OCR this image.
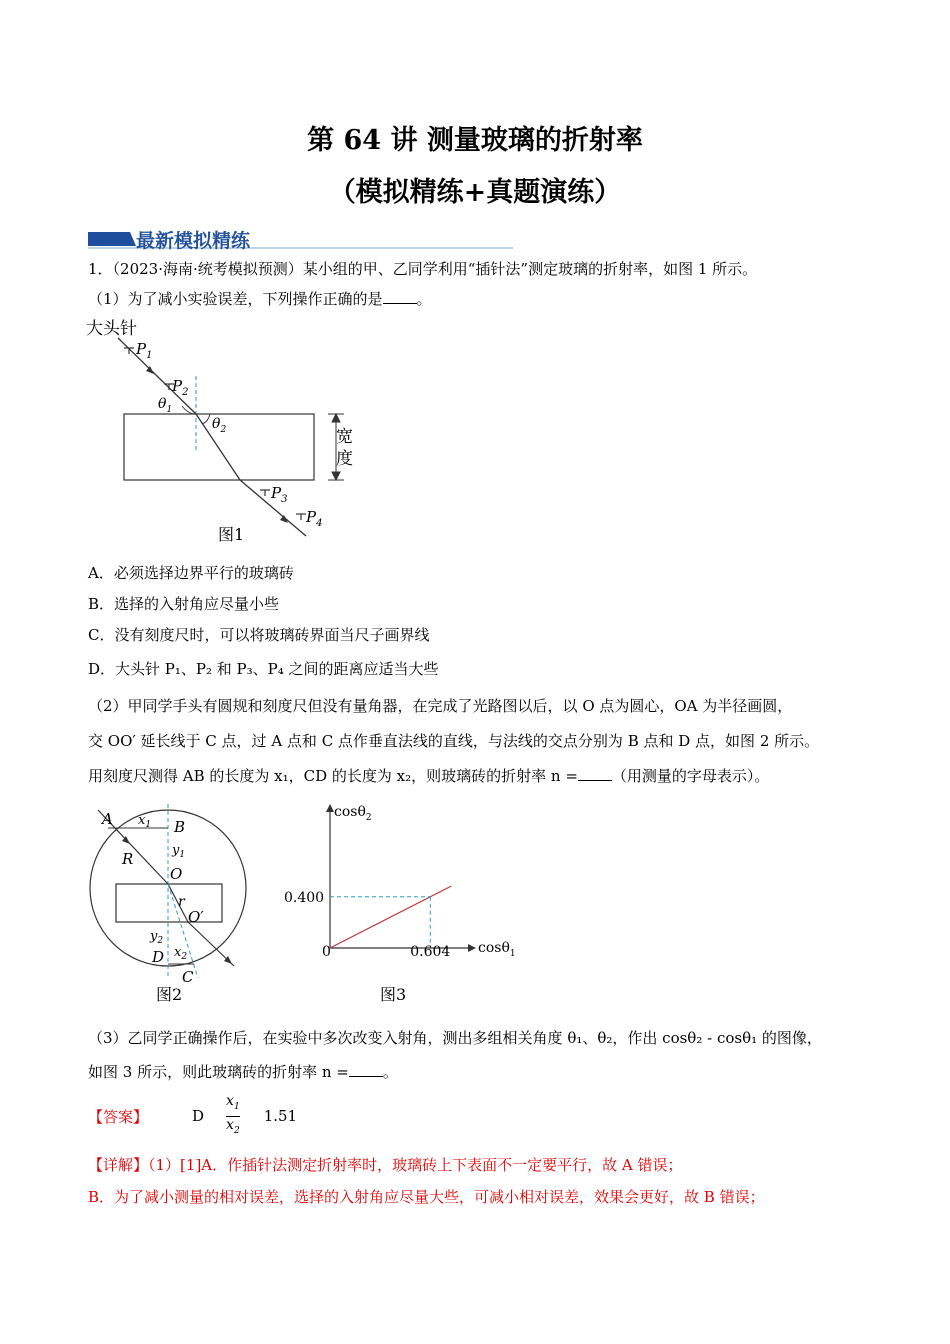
第 64 讲 测量玻璃的折射率
（模拟精练+真题演练）
最新模拟精练
1．（2023·海南·统考模拟预测）某小组的甲、乙同学利用“插针法”测定玻璃的折射率，如图 1 所示。
（1）为了减小实验误差，下列操作正确的是 。
大头针
$P_1$
$P_2$
$P_3$
$P_4$
$\theta_1$
$\theta_2$	宽
度
图1
A．必须选择边界平行的玻璃砖
B．选择的入射角应尽量小些
C．没有刻度尺时，可以将玻璃砖界面当尺子画界线
D．大头针 P₁、P₂ 和 P₃、P₄ 之间的距离应适当大些
（2）甲同学手头有圆规和刻度尺但没有量角器，在完成了光路图以后，以 O 点为圆心，OA 为半径画圆，
交 OO′ 延长线于 C 点，过 A 点和 C 点作垂直法线的直线，与法线的交点分别为 B 点和 D 点，如图 2 所示。
用刻度尺测得 AB 的长度为 x₁，CD 的长度为 x₂，则玻璃砖的折射率 n = （用测量的字母表示）。
A	B
R
O
r
O′
D
C
$x_1$
$y_1$
$y_2$
$x_2$
图2
cosθ$_2$
cosθ$_1$
0
0.400
0.604
图3
（3）乙同学正确操作后，在实验中多次改变入射角，测出多组相关角度 θ₁、θ₂，作出 cosθ₂ - cosθ₁ 的图像，
如图 3 所示，则此玻璃砖的折射率 n = 。
【答案】	D $\frac{x_1}{x_2} 1.51$
【详解】（1）[1]A．作插针法测定折射率时，玻璃砖上下表面不一定要平行，故 A 错误；
B．为了减小测量的相对误差，选择的入射角应尽量大些，可减小相对误差，效果会更好，故 B 错误；
